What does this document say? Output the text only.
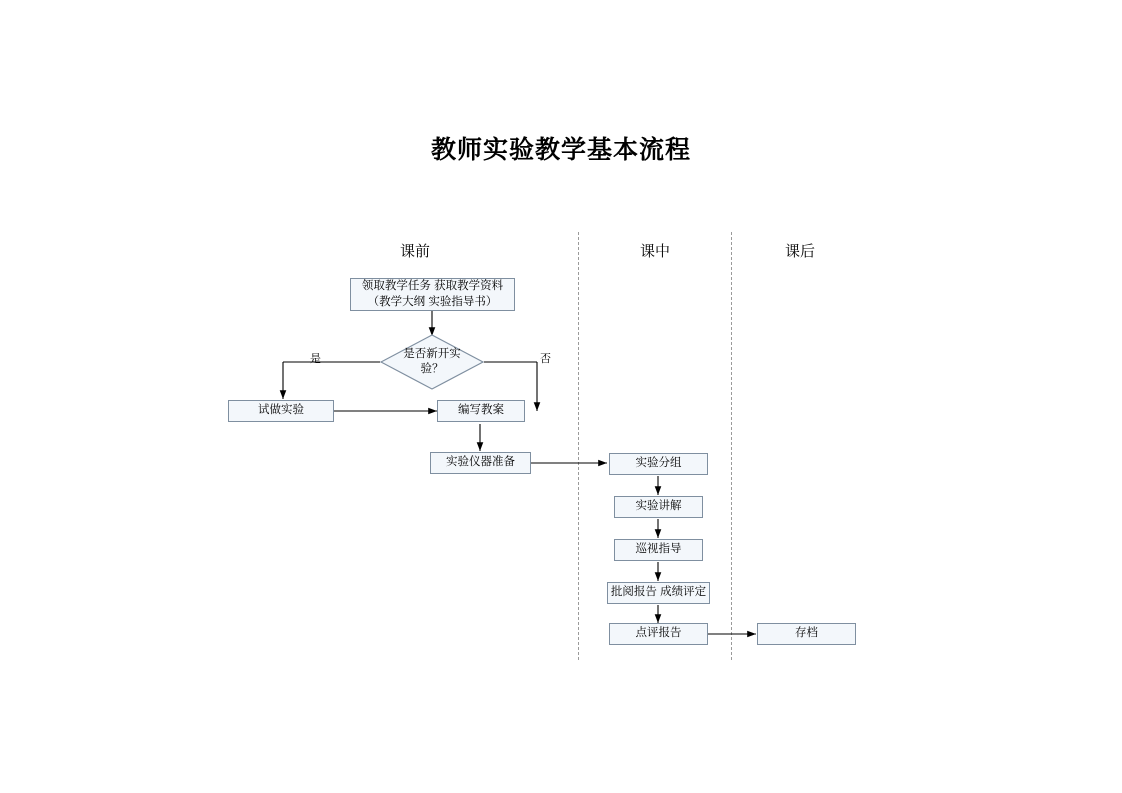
教师实验教学基本流程
课前	课中	课后
领取教学任务 获取教学资料
（教学大纲 实验指导书）
是否新开实
验？
是	否
试做实验	编写教案
实验仪器准备	实验分组
实验讲解
巡视指导
批阅报告 成绩评定
点评报告	存档
